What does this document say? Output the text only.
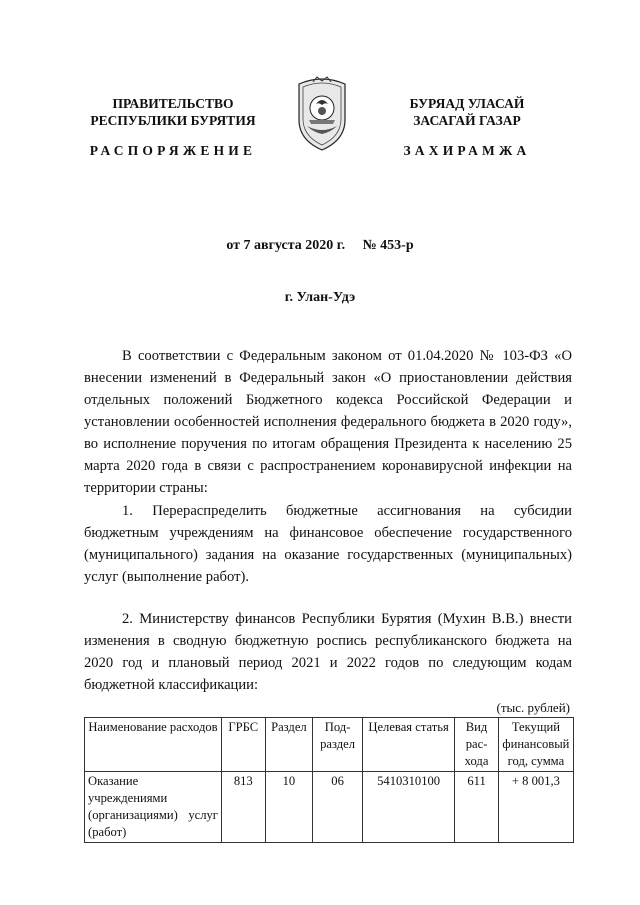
ПРАВИТЕЛЬСТВО
РЕСПУБЛИКИ БУРЯТИЯ
РАСПОРЯЖЕНИЕ
БУРЯАД УЛАСАЙ
ЗАСАГАЙ ГАЗАР
ЗАХИРАМЖА
от 7 августа 2020 г. № 453-р
г. Улан-Удэ

В соответствии с Федеральным законом от 01.04.2020 № 103-ФЗ «О внесении изменений в Федеральный закон «О приостановлении действия отдельных положений Бюджетного кодекса Российской Федерации и установлении особенностей исполнения федерального бюджета в 2020 году», во исполнение поручения по итогам обращения Президента к населению 25 марта 2020 года в связи с распространением коронавирусной инфекции на территории страны:

1. Перераспределить бюджетные ассигнования на субсидии бюджетным учреждениям на финансовое обеспечение государственного (муниципального) задания на оказание государственных (муниципальных) услуг (выполнение работ).

2. Министерству финансов Республики Бурятия (Мухин В.В.) внести изменения в сводную бюджетную роспись республиканского бюджета на 2020 год и плановый период 2021 и 2022 годов по следующим кодам бюджетной классификации:

(тыс. рублей)
Наименование расходов	ГРБС	Раздел	Под-раздел	Целевая статья	Вид рас-хода	Текущий финансовый год, сумма
Оказание учреждениями (организациями) услуг (работ)	813	10	06	5410310100	611	+ 8 001,3
